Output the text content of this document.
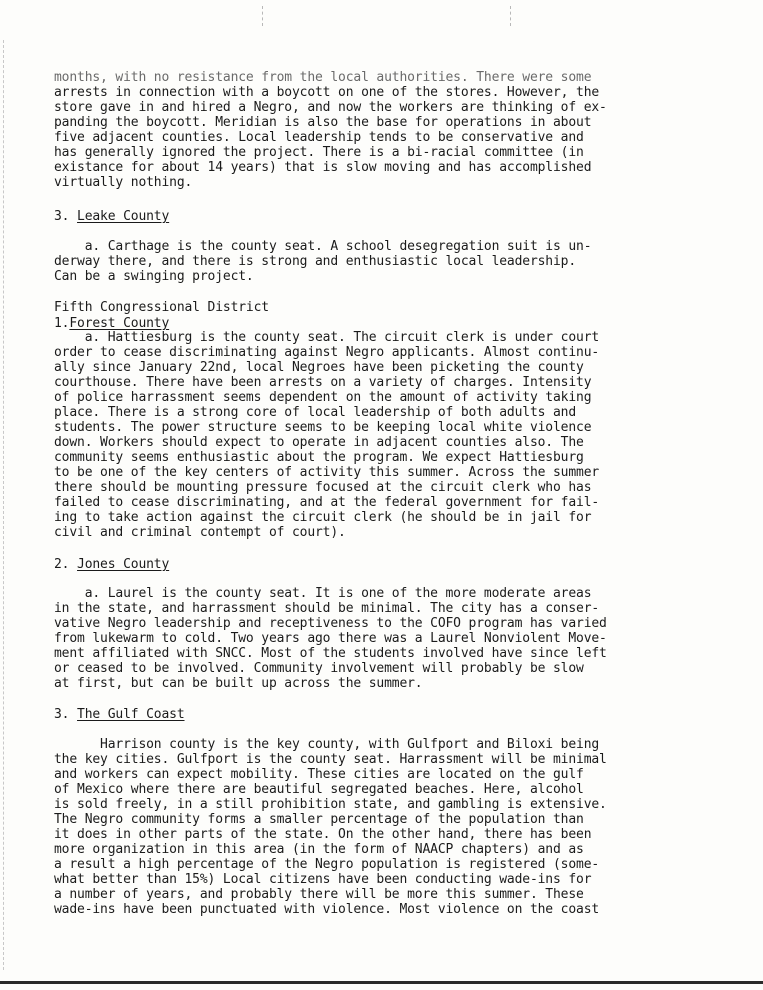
months, with no resistance from the local authorities. There were some
arrests in connection with a boycott on one of the stores. However, the
store gave in and hired a Negro, and now the workers are thinking of ex-
panding the boycott. Meridian is also the base for operations in about
five adjacent counties. Local leadership tends to be conservative and
has generally ignored the project. There is a bi-racial committee (in
existance for about 14 years) that is slow moving and has accomplished
virtually nothing.
3. Leake County
a. Carthage is the county seat. A school desegregation suit is un-
derway there, and there is strong and enthusiastic local leadership.
Can be a swinging project.
Fifth Congressional District
1.Forest County
a. Hattiesburg is the county seat. The circuit clerk is under court
order to cease discriminating against Negro applicants. Almost continu-
ally since January 22nd, local Negroes have been picketing the county
courthouse. There have been arrests on a variety of charges. Intensity
of police harrassment seems dependent on the amount of activity taking
place. There is a strong core of local leadership of both adults and
students. The power structure seems to be keeping local white violence
down. Workers should expect to operate in adjacent counties also. The
community seems enthusiastic about the program. We expect Hattiesburg
to be one of the key centers of activity this summer. Across the summer
there should be mounting pressure focused at the circuit clerk who has
failed to cease discriminating, and at the federal government for fail-
ing to take action against the circuit clerk (he should be in jail for
civil and criminal contempt of court).
2. Jones County
a. Laurel is the county seat. It is one of the more moderate areas
in the state, and harrassment should be minimal. The city has a conser-
vative Negro leadership and receptiveness to the COFO program has varied
from lukewarm to cold. Two years ago there was a Laurel Nonviolent Move-
ment affiliated with SNCC. Most of the students involved have since left
or ceased to be involved. Community involvement will probably be slow
at first, but can be built up across the summer.
3. The Gulf Coast
Harrison county is the key county, with Gulfport and Biloxi being
the key cities. Gulfport is the county seat. Harrassment will be minimal
and workers can expect mobility. These cities are located on the gulf
of Mexico where there are beautiful segregated beaches. Here, alcohol
is sold freely, in a still prohibition state, and gambling is extensive.
The Negro community forms a smaller percentage of the population than
it does in other parts of the state. On the other hand, there has been
more organization in this area (in the form of NAACP chapters) and as
a result a high percentage of the Negro population is registered (some-
what better than 15%) Local citizens have been conducting wade-ins for
a number of years, and probably there will be more this summer. These
wade-ins have been punctuated with violence. Most violence on the coast
